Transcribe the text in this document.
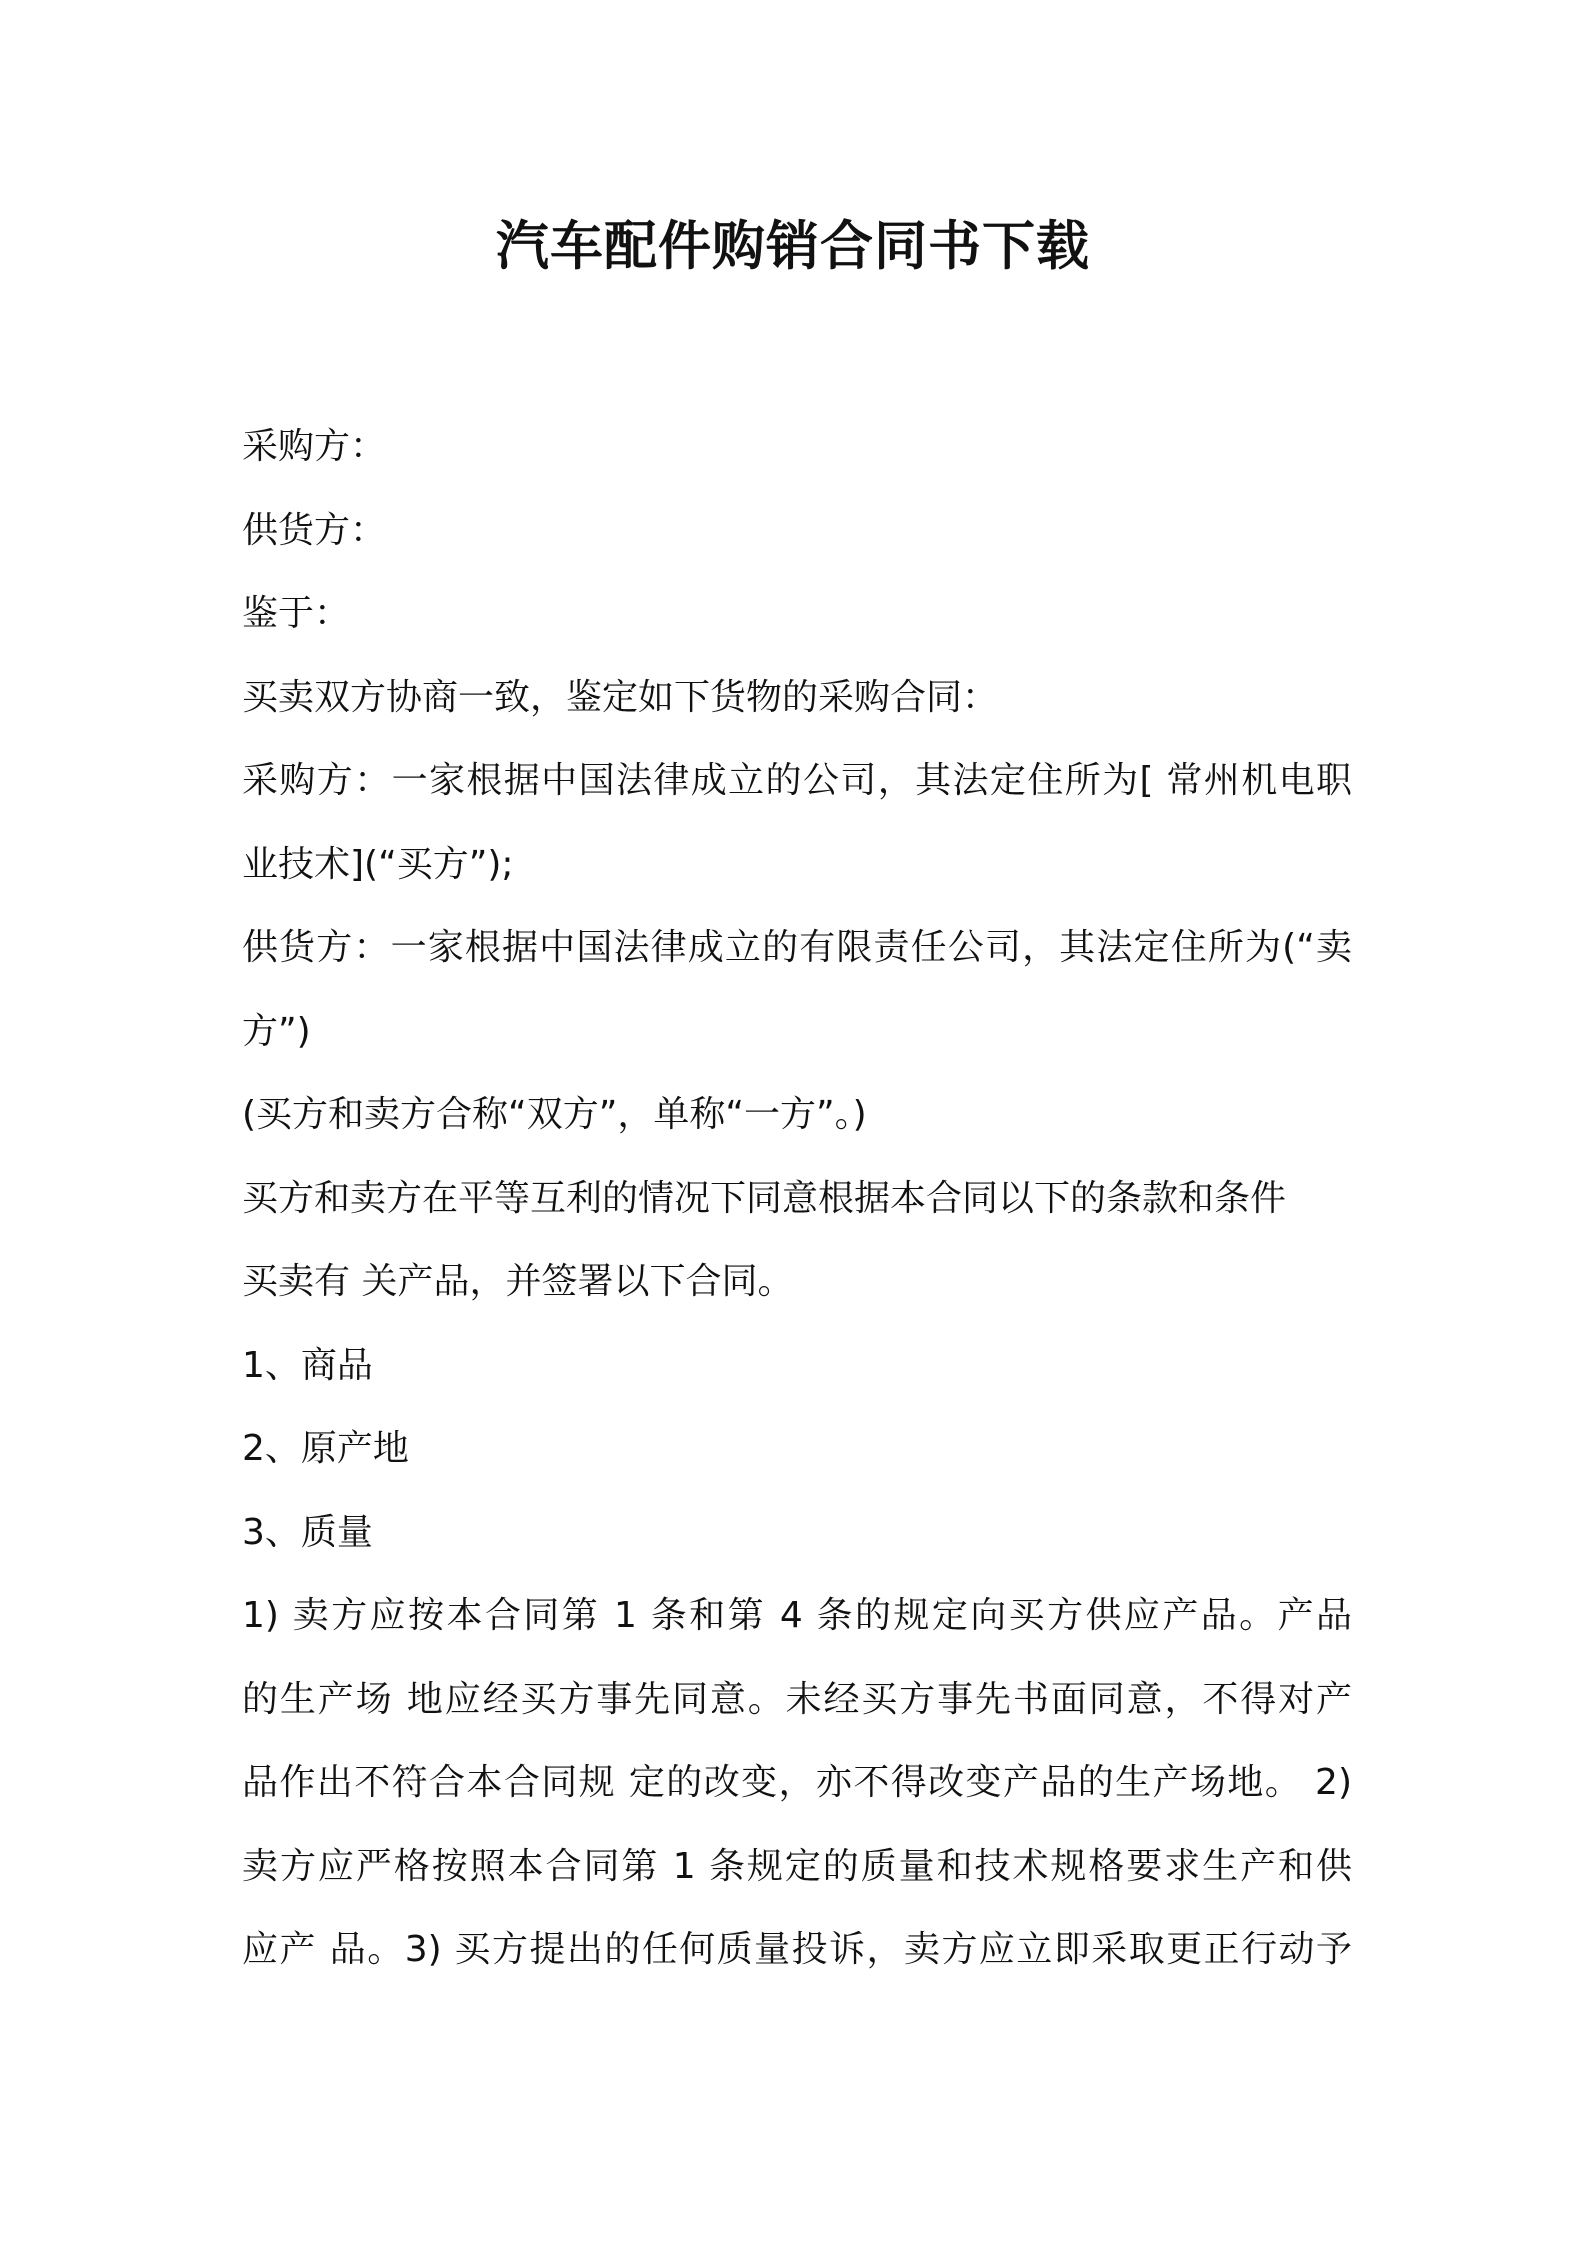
汽车配件购销合同书下载
采购方：
供货方：
鉴于：
买卖双方协商一致，鉴定如下货物的采购合同：
采购方：一家根据中国法律成立的公司，其法定住所为[ 常州机电职
业技术](“买方”);
供货方：一家根据中国法律成立的有限责任公司，其法定住所为(“卖
方”)
(买方和卖方合称“双方”，单称“一方”。)
买方和卖方在平等互利的情况下同意根据本合同以下的条款和条件
买卖有 关产品，并签署以下合同。
1、商品
2、原产地
3、质量
1) 卖方应按本合同第 1 条和第 4 条的规定向买方供应产品。产品
的生产场 地应经买方事先同意。未经买方事先书面同意，不得对产
品作出不符合本合同规 定的改变，亦不得改变产品的生产场地。 2)
卖方应严格按照本合同第 1 条规定的质量和技术规格要求生产和供
应产 品。3) 买方提出的任何质量投诉，卖方应立即采取更正行动予
